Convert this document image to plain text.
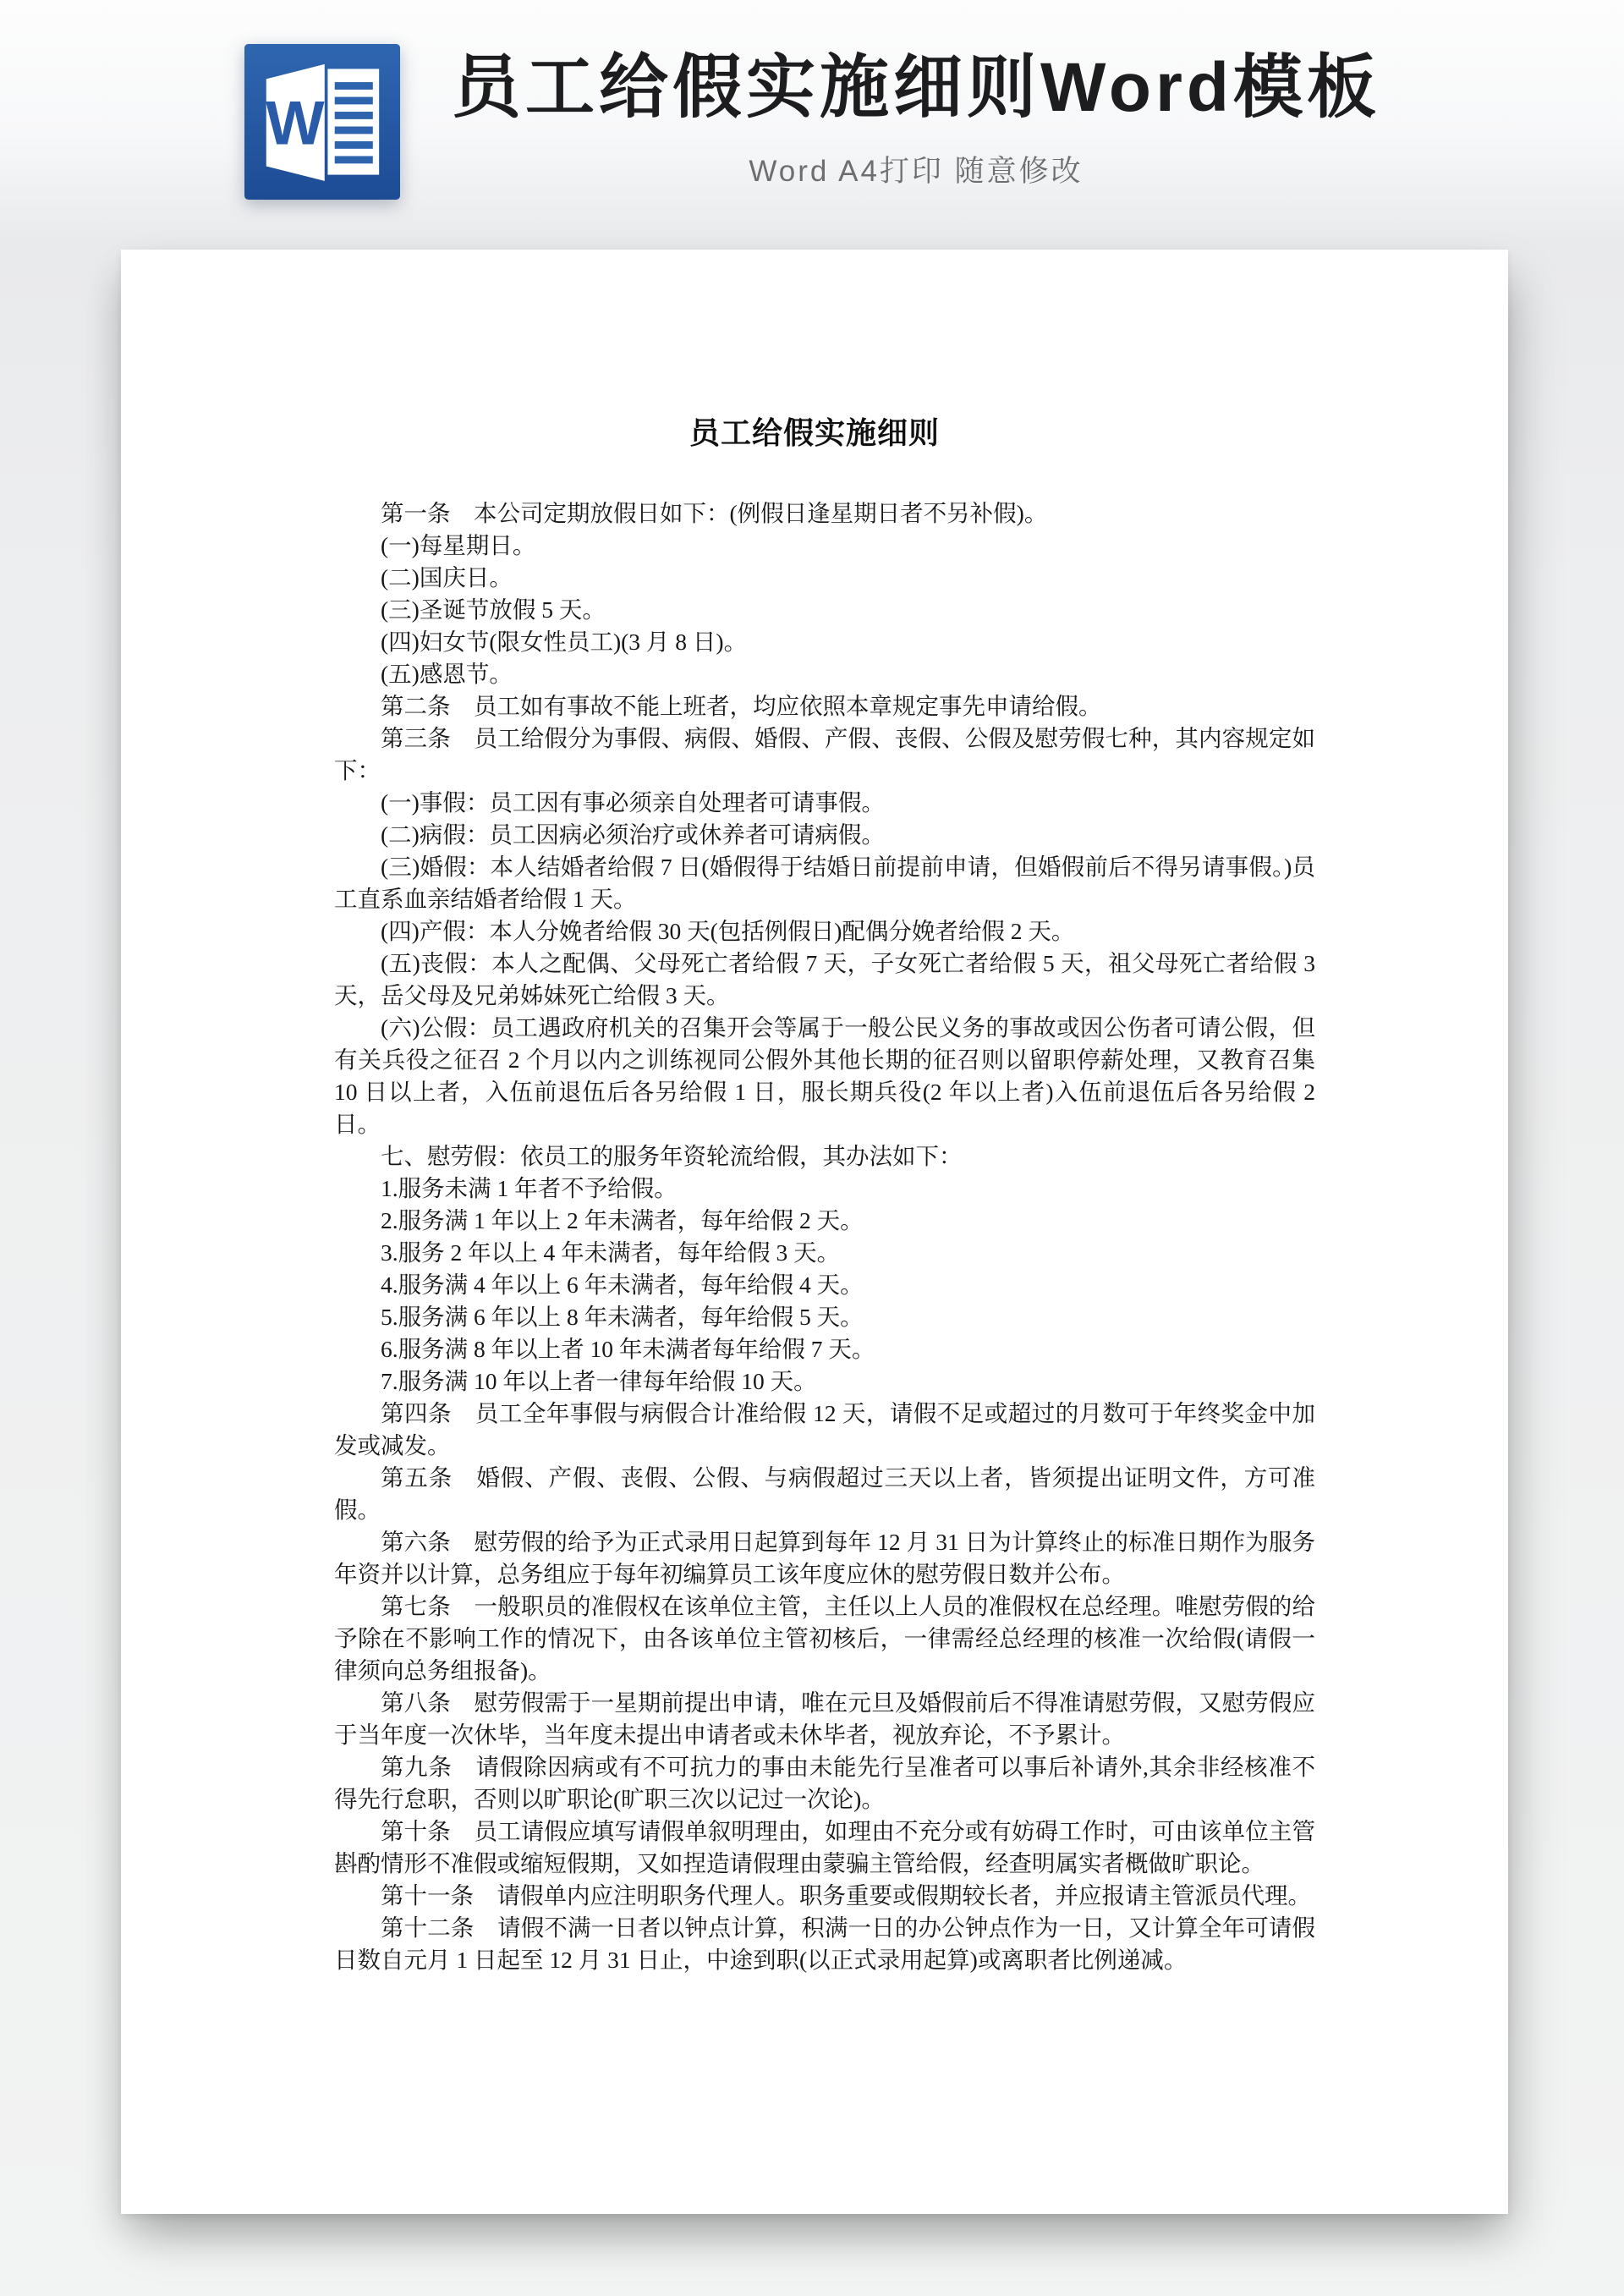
W 员工给假实施细则Word模板
Word A4打印 随意修改
员工给假实施细则

第一条　本公司定期放假日如下：(例假日逢星期日者不另补假)。

(一)每星期日。

(二)国庆日。

(三)圣诞节放假 5 天。

(四)妇女节(限女性员工)(3 月 8 日)。

(五)感恩节。

第二条　员工如有事故不能上班者，均应依照本章规定事先申请给假。

第三条　员工给假分为事假、病假、婚假、产假、丧假、公假及慰劳假七种，其内容规定如下：

(一)事假：员工因有事必须亲自处理者可请事假。

(二)病假：员工因病必须治疗或休养者可请病假。

(三)婚假：本人结婚者给假 7 日(婚假得于结婚日前提前申请，但婚假前后不得另请事假。)员工直系血亲结婚者给假 1 天。

(四)产假：本人分娩者给假 30 天(包括例假日)配偶分娩者给假 2 天。

(五)丧假：本人之配偶、父母死亡者给假 7 天，子女死亡者给假 5 天，祖父母死亡者给假 3 天，岳父母及兄弟姊妹死亡给假 3 天。

(六)公假：员工遇政府机关的召集开会等属于一般公民义务的事故或因公伤者可请公假，但有关兵役之征召 2 个月以内之训练视同公假外其他长期的征召则以留职停薪处理，又教育召集 10 日以上者，入伍前退伍后各另给假 1 日，服长期兵役(2 年以上者)入伍前退伍后各另给假 2 日。

七、慰劳假：依员工的服务年资轮流给假，其办法如下：

1.服务未满 1 年者不予给假。

2.服务满 1 年以上 2 年未满者，每年给假 2 天。

3.服务 2 年以上 4 年未满者，每年给假 3 天。

4.服务满 4 年以上 6 年未满者，每年给假 4 天。

5.服务满 6 年以上 8 年未满者，每年给假 5 天。

6.服务满 8 年以上者 10 年未满者每年给假 7 天。

7.服务满 10 年以上者一律每年给假 10 天。

第四条　员工全年事假与病假合计准给假 12 天，请假不足或超过的月数可于年终奖金中加发或减发。

第五条　婚假、产假、丧假、公假、与病假超过三天以上者，皆须提出证明文件，方可准假。

第六条　慰劳假的给予为正式录用日起算到每年 12 月 31 日为计算终止的标准日期作为服务年资并以计算，总务组应于每年初编算员工该年度应休的慰劳假日数并公布。

第七条　一般职员的准假权在该单位主管，主任以上人员的准假权在总经理。唯慰劳假的给予除在不影响工作的情况下，由各该单位主管初核后，一律需经总经理的核准一次给假(请假一律须向总务组报备)。

第八条　慰劳假需于一星期前提出申请，唯在元旦及婚假前后不得准请慰劳假，又慰劳假应于当年度一次休毕，当年度未提出申请者或未休毕者，视放弃论，不予累计。

第九条　请假除因病或有不可抗力的事由未能先行呈准者可以事后补请外,其余非经核准不得先行怠职，否则以旷职论(旷职三次以记过一次论)。

第十条　员工请假应填写请假单叙明理由，如理由不充分或有妨碍工作时，可由该单位主管斟酌情形不准假或缩短假期，又如捏造请假理由蒙骗主管给假，经查明属实者概做旷职论。

第十一条　请假单内应注明职务代理人。职务重要或假期较长者，并应报请主管派员代理。

第十二条　请假不满一日者以钟点计算，积满一日的办公钟点作为一日，又计算全年可请假日数自元月 1 日起至 12 月 31 日止，中途到职(以正式录用起算)或离职者比例递减。
